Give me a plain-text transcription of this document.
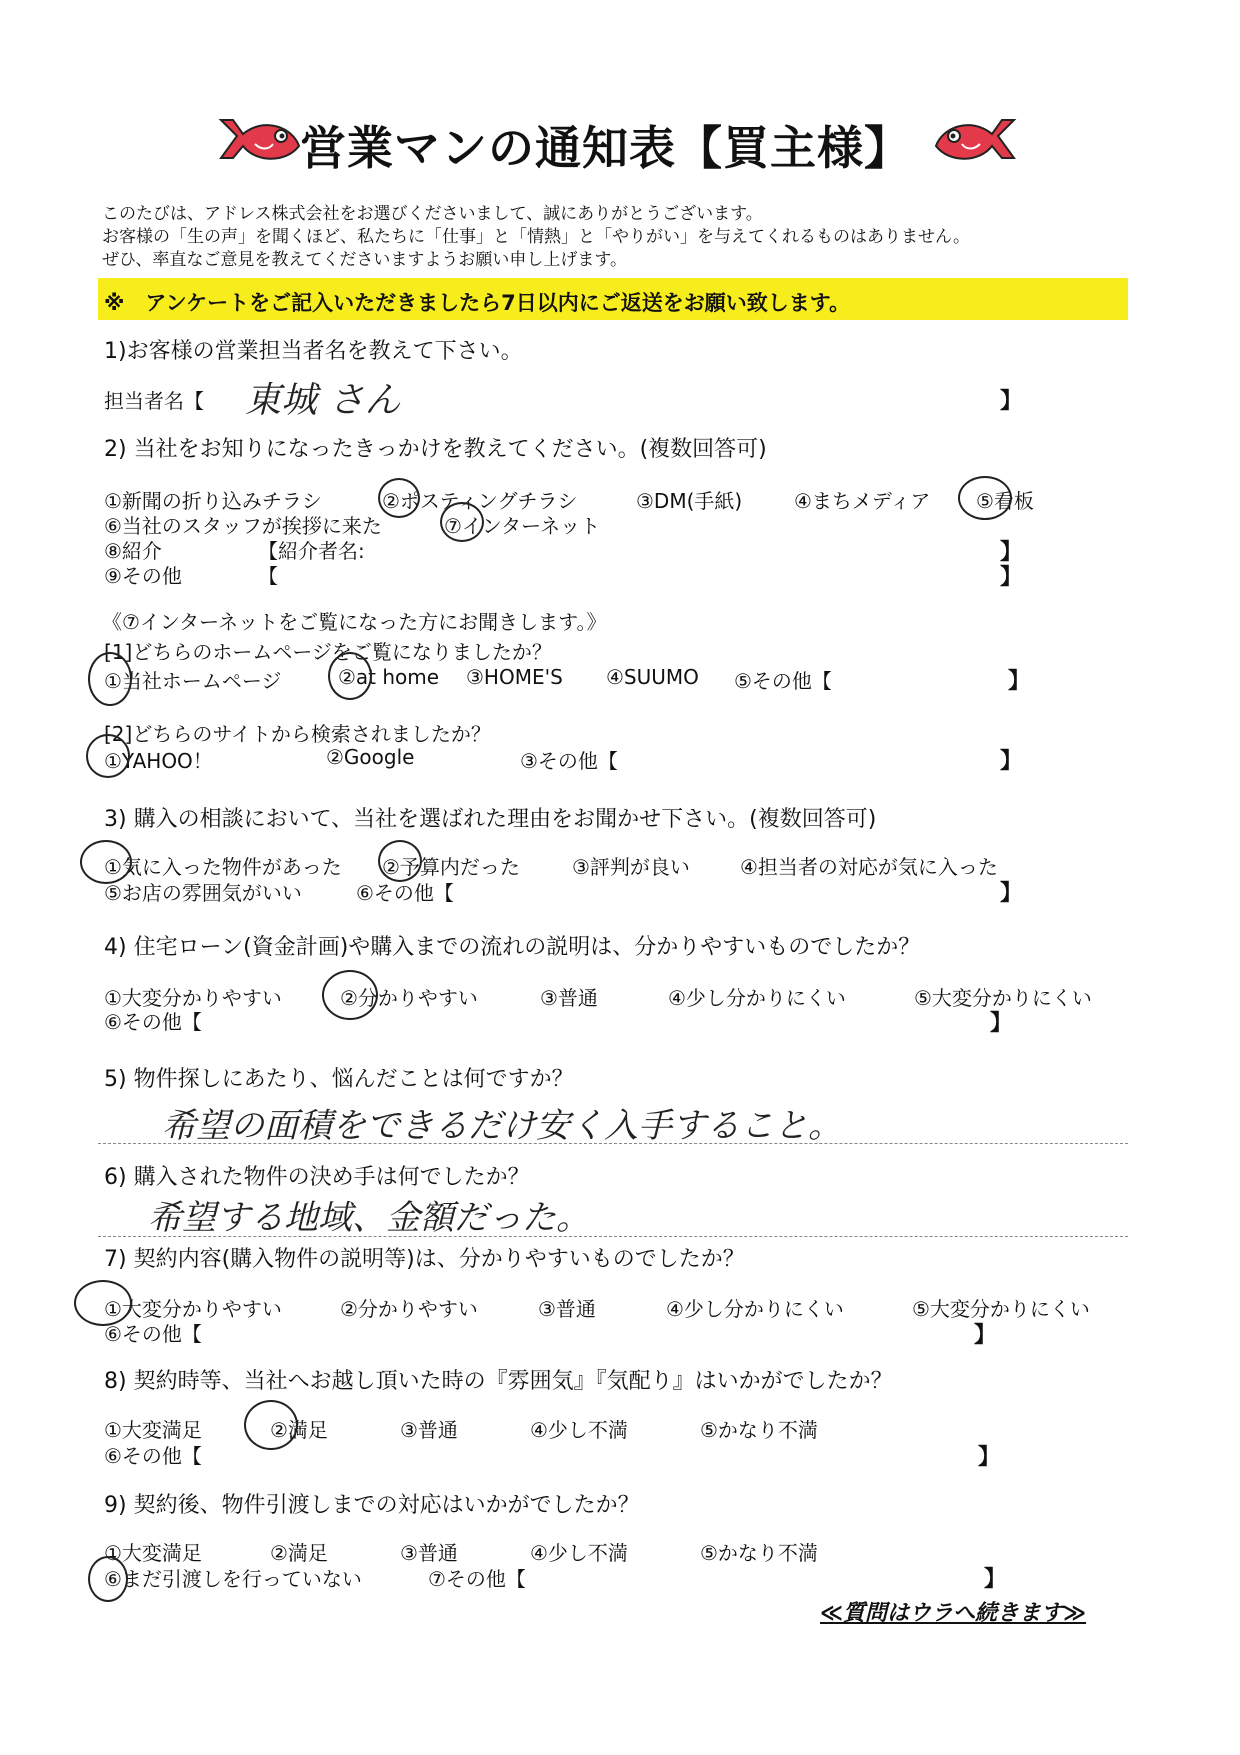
営業マンの通知表【買主様】
このたびは、アドレス株式会社をお選びくださいまして、誠にありがとうございます。
お客様の「生の声」を聞くほど、私たちに「仕事」と「情熱」と「やりがい」を与えてくれるものはありません。
ぜひ、率直なご意見を教えてくださいますようお願い申し上げます。
※　アンケートをご記入いただきましたら7日以内にご返送をお願い致します。
1)お客様の営業担当者名を教えて下さい。
担当者名【 東城 さん	】
2) 当社をお知りになったきっかけを教えてください。(複数回答可)
①新聞の折り込みチラシ	②ポスティングチラシ	③DM(手紙)	④まちメディア ⑤看板
⑥当社のスタッフが挨拶に来た	⑦インターネット
⑧紹介	【紹介者名:	】
⑨その他	【	】
《⑦インターネットをご覧になった方にお聞きします。》
[1]どちらのホームページをご覧になりましたか？
①当社ホームページ	②at home ③HOME'S ④SUUMO ⑤その他【	】
[2]どちらのサイトから検索されましたか？
①YAHOO！	②Google	③その他【	】
3) 購入の相談において、当社を選ばれた理由をお聞かせ下さい。(複数回答可)
①気に入った物件があった ②予算内だった	③評判が良い	④担当者の対応が気に入った
⑤お店の雰囲気がいい	⑥その他【	】
4) 住宅ローン(資金計画)や購入までの流れの説明は、分かりやすいものでしたか？
①大変分かりやすい	②分かりやすい	③普通	④少し分かりにくい	⑤大変分かりにくい
⑥その他【	】
5) 物件探しにあたり、悩んだことは何ですか？
希望の面積をできるだけ安く入手すること。
6) 購入された物件の決め手は何でしたか？
希望する地域、金額だった。
7) 契約内容(購入物件の説明等)は、分かりやすいものでしたか？
①大変分かりやすい	②分かりやすい	③普通	④少し分かりにくい	⑤大変分かりにくい
⑥その他【	】
8) 契約時等、当社へお越し頂いた時の『雰囲気』『気配り』はいかがでしたか？
①大変満足	②満足	③普通	④少し不満	⑤かなり不満
⑥その他【	】
9) 契約後、物件引渡しまでの対応はいかがでしたか？
①大変満足	②満足	③普通	④少し不満	⑤かなり不満
⑥まだ引渡しを行っていない	⑦その他【	】
≪質問はウラへ続きます≫
